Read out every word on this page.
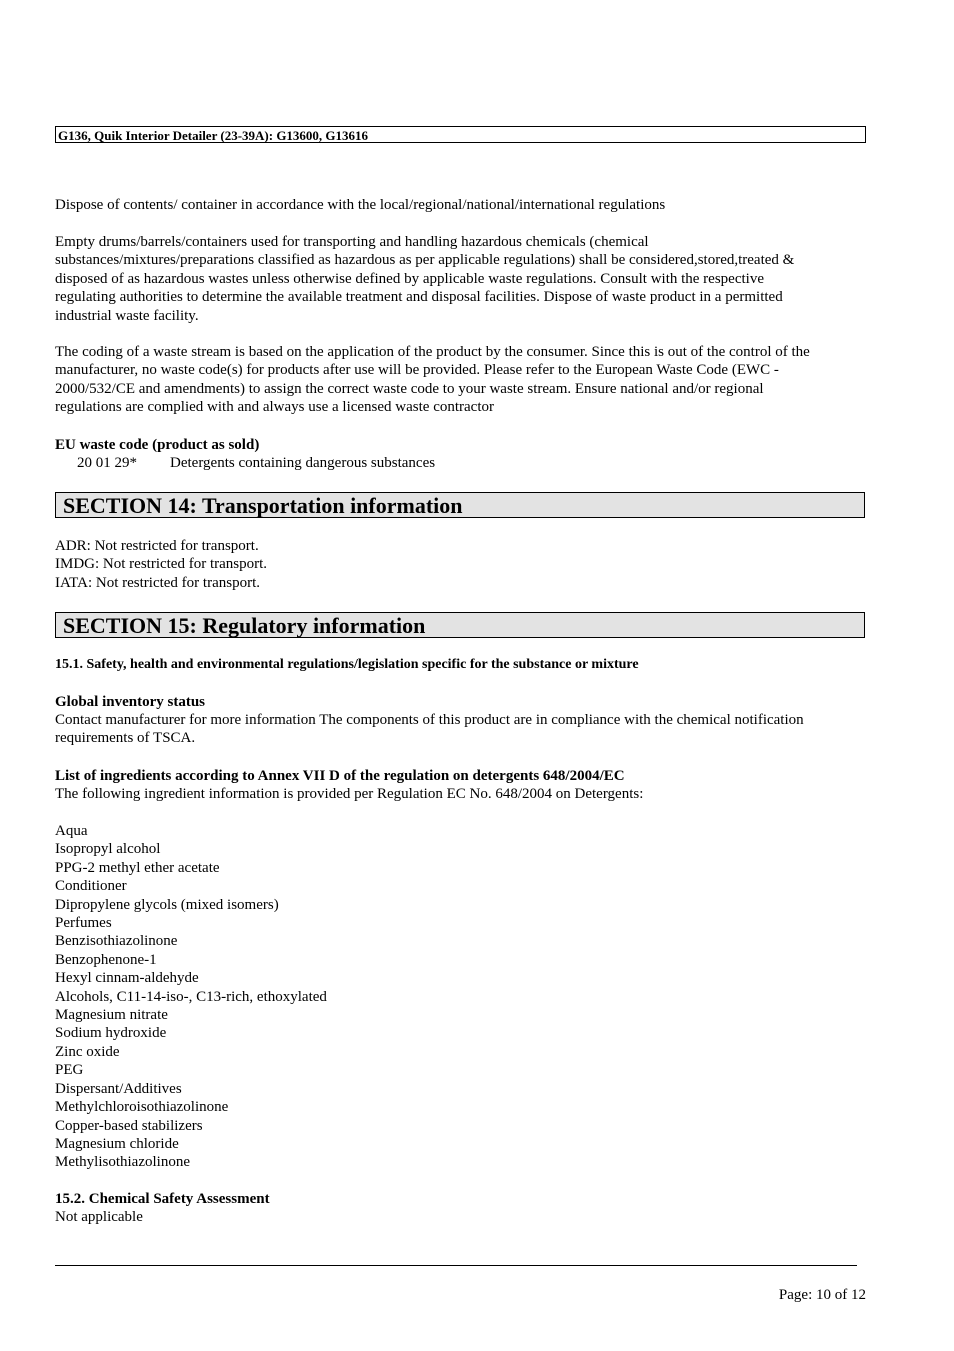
G136, Quik Interior Detailer (23-39A): G13600, G13616
Dispose of contents/ container in accordance with the local/regional/national/international regulations
Empty drums/barrels/containers used for transporting and handling hazardous chemicals (chemical
substances/mixtures/preparations classified as hazardous as per applicable regulations) shall be considered,stored,treated &
disposed of as hazardous wastes unless otherwise defined by applicable waste regulations. Consult with the respective
regulating authorities to determine the available treatment and disposal facilities. Dispose of waste product in a permitted
industrial waste facility.
The coding of a waste stream is based on the application of the product by the consumer. Since this is out of the control of the
manufacturer, no waste code(s) for products after use will be provided. Please refer to the European Waste Code (EWC -
2000/532/CE and amendments) to assign the correct waste code to your waste stream. Ensure national and/or regional
regulations are complied with and always use a licensed waste contractor
EU waste code (product as sold)
20 01 29* Detergents containing dangerous substances
SECTION 14: Transportation information
ADR: Not restricted for transport.
IMDG: Not restricted for transport.
IATA: Not restricted for transport.
SECTION 15: Regulatory information
15.1. Safety, health and environmental regulations/legislation specific for the substance or mixture
Global inventory status
Contact manufacturer for more information The components of this product are in compliance with the chemical notification
requirements of TSCA.
List of ingredients according to Annex VII D of the regulation on detergents 648/2004/EC
The following ingredient information is provided per Regulation EC No. 648/2004 on Detergents:
Aqua
Isopropyl alcohol
PPG-2 methyl ether acetate
Conditioner
Dipropylene glycols (mixed isomers)
Perfumes
Benzisothiazolinone
Benzophenone-1
Hexyl cinnam-aldehyde
Alcohols, C11-14-iso-, C13-rich, ethoxylated
Magnesium nitrate
Sodium hydroxide
Zinc oxide
PEG
Dispersant/Additives
Methylchloroisothiazolinone
Copper-based stabilizers
Magnesium chloride
Methylisothiazolinone
15.2. Chemical Safety Assessment
Not applicable
Page: 10 of 12
